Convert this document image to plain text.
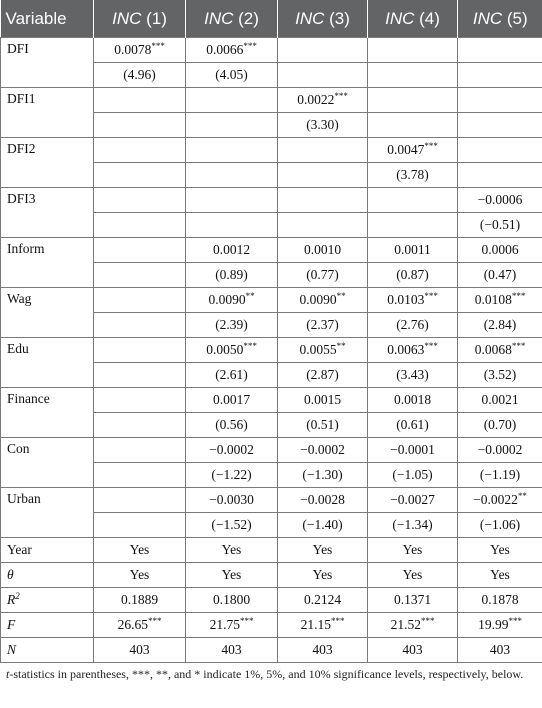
Variable	INC (1)	INC (2)	INC (3)	INC (4)	INC (5)
DFI	0.0078***	0.0066***			
	(4.96)	(4.05)			
DFI1			0.0022***		
			(3.30)		
DFI2				0.0047***	
				(3.78)	
DFI3					−0.0006
					(−0.51)
Inform		0.0012	0.0010	0.0011	0.0006
		(0.89)	(0.77)	(0.87)	(0.47)
Wag		0.0090**	0.0090**	0.0103***	0.0108***
		(2.39)	(2.37)	(2.76)	(2.84)
Edu		0.0050***	0.0055**	0.0063***	0.0068***
		(2.61)	(2.87)	(3.43)	(3.52)
Finance		0.0017	0.0015	0.0018	0.0021
		(0.56)	(0.51)	(0.61)	(0.70)
Con		−0.0002	−0.0002	−0.0001	−0.0002
		(−1.22)	(−1.30)	(−1.05)	(−1.19)
Urban		−0.0030	−0.0028	−0.0027	−0.0022**
		(−1.52)	(−1.40)	(−1.34)	(−1.06)
Year	Yes	Yes	Yes	Yes	Yes
θ	Yes	Yes	Yes	Yes	Yes
$R^2$	0.1889	0.1800	0.2124	0.1371	0.1878
F	26.65***	21.75***	21.15***	21.52***	19.99***
N	403	403	403	403	403
t-statistics in parentheses, ***, **, and * indicate 1%, 5%, and 10% significance levels, respectively, below.
